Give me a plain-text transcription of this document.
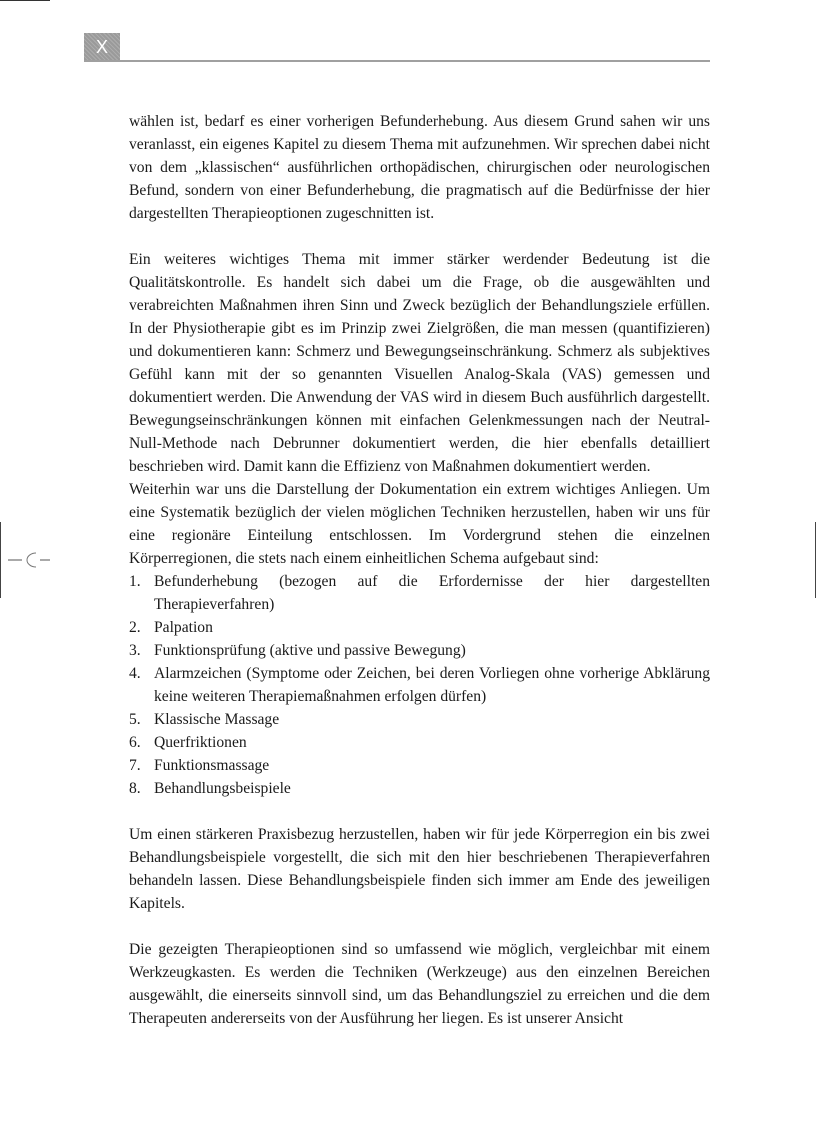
X

wählen ist, bedarf es einer vorherigen Befunderhebung. Aus diesem Grund sahen wir uns veranlasst, ein eigenes Kapitel zu diesem Thema mit aufzunehmen. Wir sprechen dabei nicht von dem „klassischen“ ausführlichen orthopädischen, chirurgischen oder neurologischen Befund, sondern von einer Befunderhebung, die pragmatisch auf die Bedürfnisse der hier dargestellten Therapieoptionen zugeschnitten ist.

Ein weiteres wichtiges Thema mit immer stärker werdender Bedeutung ist die Qualitätskontrolle. Es handelt sich dabei um die Frage, ob die ausgewählten und verabreichten Maßnahmen ihren Sinn und Zweck bezüglich der Behandlungsziele erfüllen. In der Physiotherapie gibt es im Prinzip zwei Zielgrößen, die man messen (quantifizieren) und dokumentieren kann: Schmerz und Bewegungseinschränkung. Schmerz als subjektives Gefühl kann mit der so genannten Visuellen Analog-Skala (VAS) gemessen und dokumentiert werden. Die Anwendung der VAS wird in diesem Buch ausführlich dargestellt. Bewegungseinschränkungen können mit einfachen Gelenkmessungen nach der Neutral-Null-Methode nach Debrunner dokumentiert werden, die hier ebenfalls detailliert beschrieben wird. Damit kann die Effizienz von Maßnahmen dokumentiert werden.

Weiterhin war uns die Darstellung der Dokumentation ein extrem wichtiges Anliegen. Um eine Systematik bezüglich der vielen möglichen Techniken herzustellen, haben wir uns für eine regionäre Einteilung entschlossen. Im Vordergrund stehen die einzelnen Körperregionen, die stets nach einem einheitlichen Schema aufgebaut sind:

1. Befunderhebung (bezogen auf die Erfordernisse der hier dargestellten Therapieverfahren)
2. Palpation
3. Funktionsprüfung (aktive und passive Bewegung)
4. Alarmzeichen (Symptome oder Zeichen, bei deren Vorliegen ohne vorherige Abklärung keine weiteren Therapiemaßnahmen erfolgen dürfen)
5. Klassische Massage
6. Querfriktionen
7. Funktionsmassage
8. Behandlungsbeispiele

Um einen stärkeren Praxisbezug herzustellen, haben wir für jede Körperregion ein bis zwei Behandlungsbeispiele vorgestellt, die sich mit den hier beschriebenen Therapieverfahren behandeln lassen. Diese Behandlungsbeispiele finden sich immer am Ende des jeweiligen Kapitels.

Die gezeigten Therapieoptionen sind so umfassend wie möglich, vergleichbar mit einem Werkzeugkasten. Es werden die Techniken (Werkzeuge) aus den einzelnen Bereichen ausgewählt, die einerseits sinnvoll sind, um das Behandlungsziel zu erreichen und die dem Therapeuten andererseits von der Ausführung her liegen. Es ist unserer Ansicht
